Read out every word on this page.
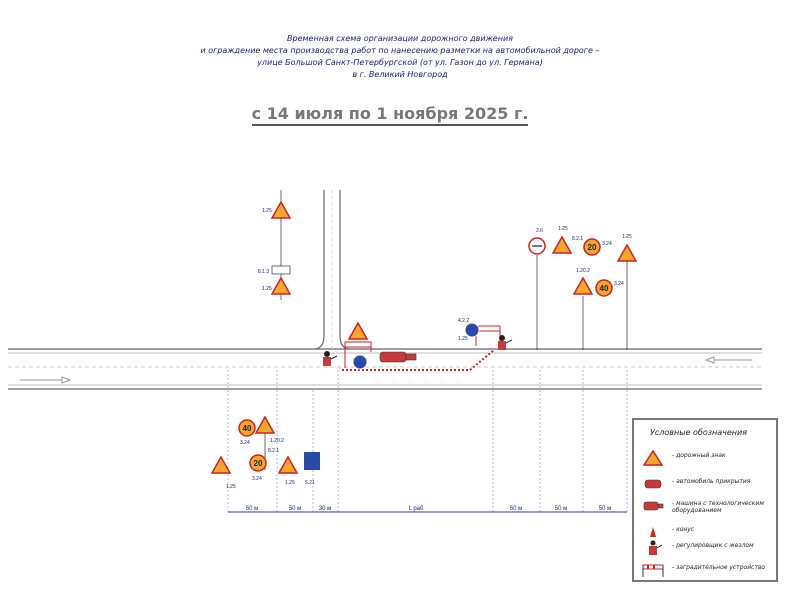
Временная схема организации дорожного движения
и ограждение места производства работ по нанесению разметки на автомобильной дороге –
улице Большой Санкт-Петербургской (от ул. Газон до ул. Германа)
в г. Великий Новгород
с 14 июля по 1 ноября 2025 г.
50 м	50 м	30 м	L раб	50 м	50 м	50 м
20
40
40
20
1.25
8.1.3
1.25
4.2.2
1.25
2.6	1.25
8.2.1
3.24
1.25
1.20.2
3.24
1.25
3.24
8.2.1
3.24
1.25
1.20.2
5.21
Условные обозначения
- дорожный знак
- автомобиль прикрытия
- машина с технологическим оборудованием
- конус
- регулировщик с жезлом
- заградительное устройство
